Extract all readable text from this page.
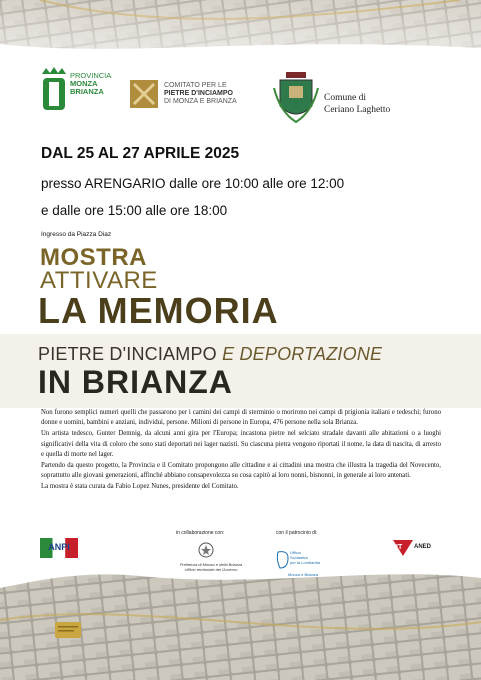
PROVINCIA
MONZA
BRIANZA
COMITATO PER LE
PIETRE D'INCIAMPO
DI MONZA E BRIANZA	Comune di
Ceriano Laghetto
DAL 25 AL 27 APRILE 2025
presso ARENGARIO dalle ore 10:00 alle ore 12:00
e dalle ore 15:00 alle ore 18:00
Ingresso da Piazza Diaz
MOSTRA
ATTIVARE
LA MEMORIA
PIETRE D'INCIAMPO E DEPORTAZIONE
IN BRIANZA

Non furono semplici numeri quelli che passarono per i camini dei campi di sterminio o morirono nei campi di prigionia italiani e tedeschi; furono donne e uomini, bambini e anziani, individui, persone. Milioni di persone in Europa, 476 persone nella sola Brianza.

Un artista tedesco, Gunter Demnig, da alcuni anni gira per l'Europa; incastona pietre nel selciato stradale davanti alle abitazioni o a luoghi significativi della vita di coloro che sono stati deportati nei lager nazisti. Su ciascuna pietra vengono riportati il nome, la data di nascita, di arresto e quella di morte nel lager.

Partendo da questo progetto, la Provincia e il Comitato propongono alle cittadine e ai cittadini una mostra che illustra la tragedia del Novecento, soprattutto alle giovani generazioni, affinché abbiano consapevolezza su cosa capitò ai loro nonni, bisnonni, in generale ai loro antenati.

La mostra è stata curata da Fabio Lopez Nunes, presidente del Comitato.

in collaborazione con:	con il patrocinio di:
ANPI
Prefettura di Monza e della Brianza
Ufficio territoriale del Governo
Ufficio
Scolastico
per la Lombardia
Monza e Brianza
IT ANED
